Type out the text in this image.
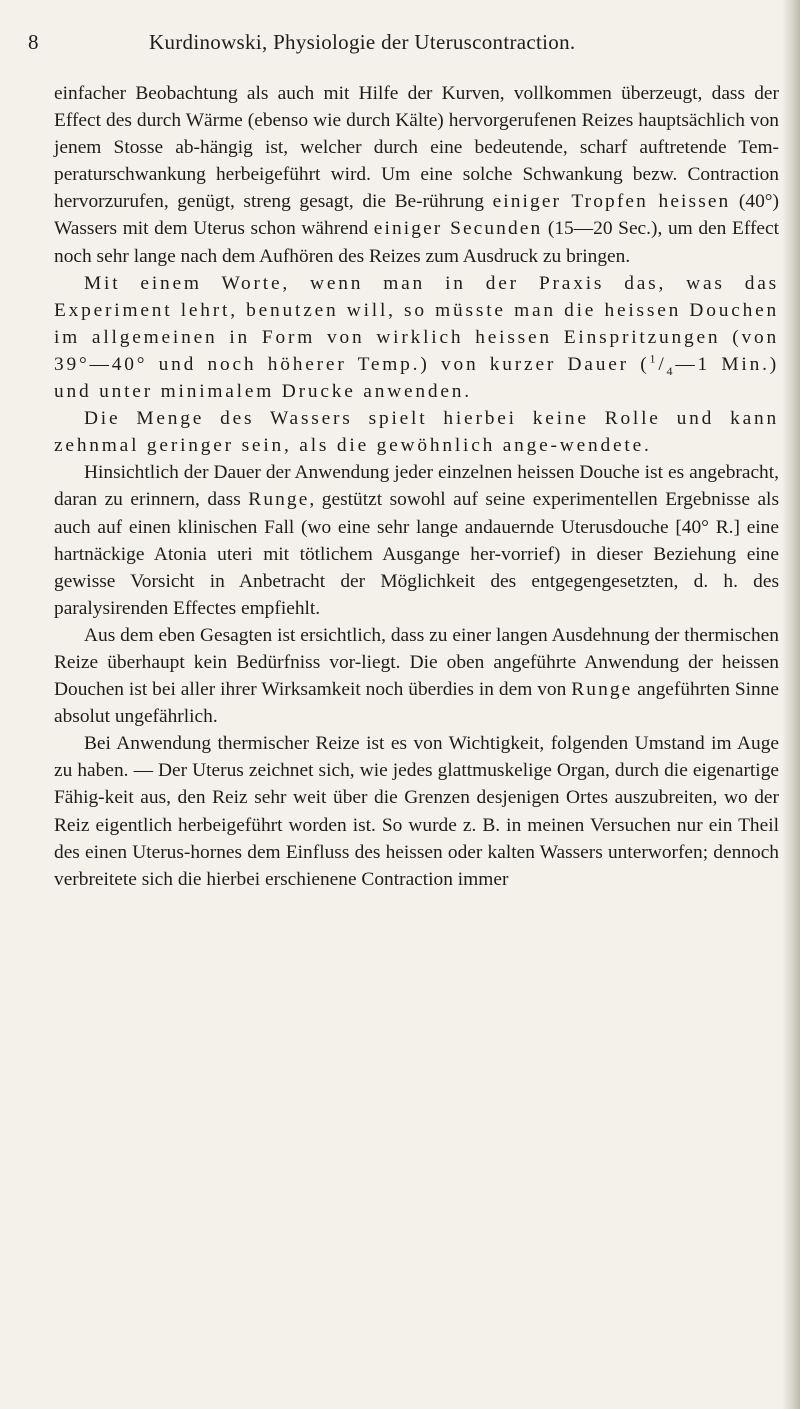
8	Kurdinowski, Physiologie der Uteruscontraction.

einfacher Beobachtung als auch mit Hilfe der Kurven, vollkommen überzeugt, dass der Effect des durch Wärme (ebenso wie durch Kälte) hervorgerufenen Reizes hauptsächlich von jenem Stosse ab-hängig ist, welcher durch eine bedeutende, scharf auftretende Tem-peraturschwankung herbeigeführt wird. Um eine solche Schwankung bezw. Contraction hervorzurufen, genügt, streng gesagt, die Be-rührung einiger Tropfen heissen (40°) Wassers mit dem Uterus schon während einiger Secunden (15—20 Sec.), um den Effect noch sehr lange nach dem Aufhören des Reizes zum Ausdruck zu bringen.

Mit einem Worte, wenn man in der Praxis das, was das Experiment lehrt, benutzen will, so müsste man die heissen Douchen im allgemeinen in Form von wirklich heissen Einspritzungen (von 39°—40° und noch höherer Temp.) von kurzer Dauer ($^1/_4—1$ Min.) und unter minimalem Drucke anwenden.

Die Menge des Wassers spielt hierbei keine Rolle und kann zehnmal geringer sein, als die gewöhnlich ange-wendete.

Hinsichtlich der Dauer der Anwendung jeder einzelnen heissen Douche ist es angebracht, daran zu erinnern, dass Runge, gestützt sowohl auf seine experimentellen Ergebnisse als auch auf einen klinischen Fall (wo eine sehr lange andauernde Uterusdouche [40° R.] eine hartnäckige Atonia uteri mit tötlichem Ausgange her-vorrief) in dieser Beziehung eine gewisse Vorsicht in Anbetracht der Möglichkeit des entgegengesetzten, d. h. des paralysirenden Effectes empfiehlt.

Aus dem eben Gesagten ist ersichtlich, dass zu einer langen Ausdehnung der thermischen Reize überhaupt kein Bedürfniss vor-liegt. Die oben angeführte Anwendung der heissen Douchen ist bei aller ihrer Wirksamkeit noch überdies in dem von Runge angeführten Sinne absolut ungefährlich.

Bei Anwendung thermischer Reize ist es von Wichtigkeit, folgenden Umstand im Auge zu haben. — Der Uterus zeichnet sich, wie jedes glattmuskelige Organ, durch die eigenartige Fähig-keit aus, den Reiz sehr weit über die Grenzen desjenigen Ortes auszubreiten, wo der Reiz eigentlich herbeigeführt worden ist. So wurde z. B. in meinen Versuchen nur ein Theil des einen Uterus-hornes dem Einfluss des heissen oder kalten Wassers unterworfen; dennoch verbreitete sich die hierbei erschienene Contraction immer
